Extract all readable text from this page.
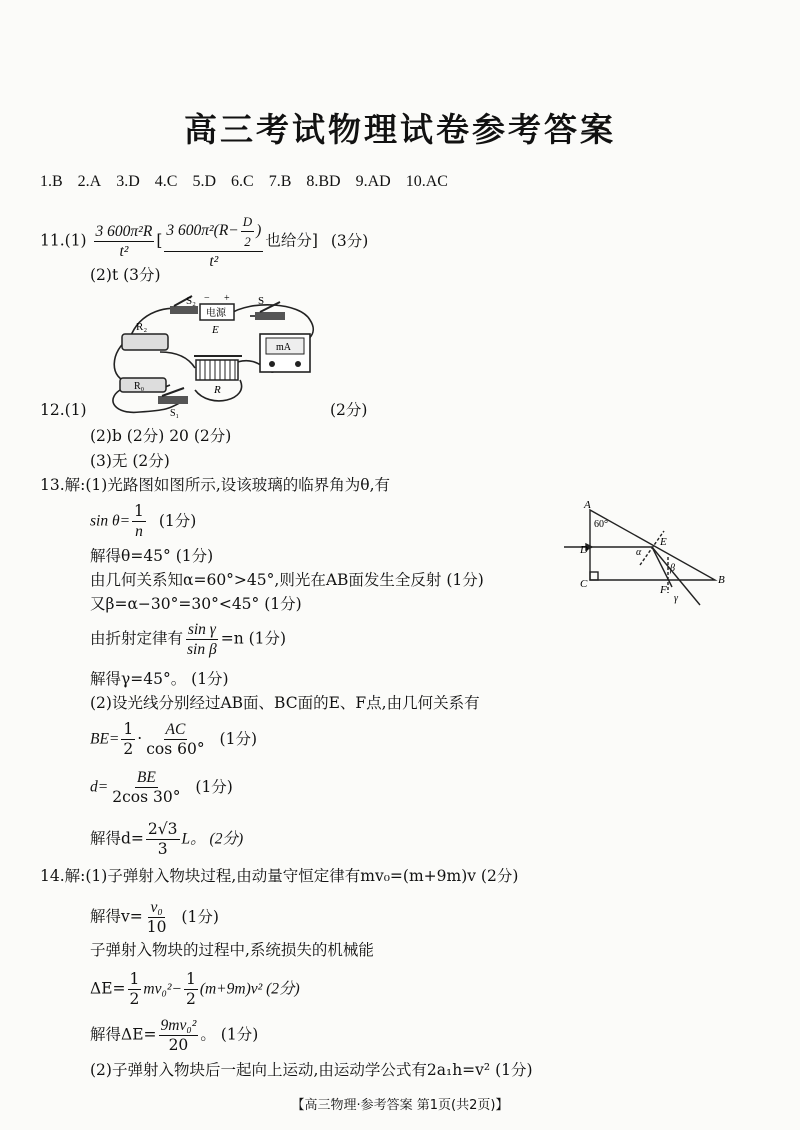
高三考试物理试卷参考答案
1.B 2.A 3.D 4.C 5.D 6.C 7.B 8.BD 9.AD 10.AC
$11.(1) \frac{\text{3 600π²R}}{\text{t²}}$ [ $\frac{3 600\pi^2(R- \frac{D}{2} )}{\text{t²}}$ 也给分] (3分)
(2)t (3分)
S₂
电源
− +
E
S
R₂
R₀	R
mA
S₁
12.(1)	(2分)
(2)b (2分) 20 (2分)
(3)无 (2分)
13.解:(1)光路图如图所示,设该玻璃的临界角为θ,有
$\sin \theta= \frac{1}{n} (1$分)
解得θ=45° (1分)
由几何关系知α=60°>45°,则光在AB面发生全反射 (1分)
又β=α−30°=30°<45° (1分)
由折射定律有 $\frac{\text{sin γ}}{\text{sin β}} =n$ (1分)
解得γ=45°。 (1分)
(2)设光线分别经过AB面、BC面的E、F点,由几何关系有
$BE= \frac{1}{2} \cdot \frac{AC}{\cos 60^\circ} (1$分)
$d= \frac{BE}{2\cos 30^\circ} (1$分)
解得$d= \frac{2√3}{3}$ L。 (2分)
60°
A
D
C	B
E
F
α
β
γ
14.解:(1)子弹射入物块过程,由动量守恒定律有mv₀=(m+9m)v (2分)
解得$v= \frac{\text{v₀}}{10} (1$分)
子弹射入物块的过程中,系统损失的机械能
$\Delta E= \frac{1}{2} mv_0^2- \frac{1}{2} (m+9m)v^2$ (2分)
解得$\Delta E= \frac{\text{9mv₀²}}{20}$ 。 (1分)
(2)子弹射入物块后一起向上运动,由运动学公式有2a₁h=v² (1分)
【高三物理·参考答案 第1页(共2页)】
